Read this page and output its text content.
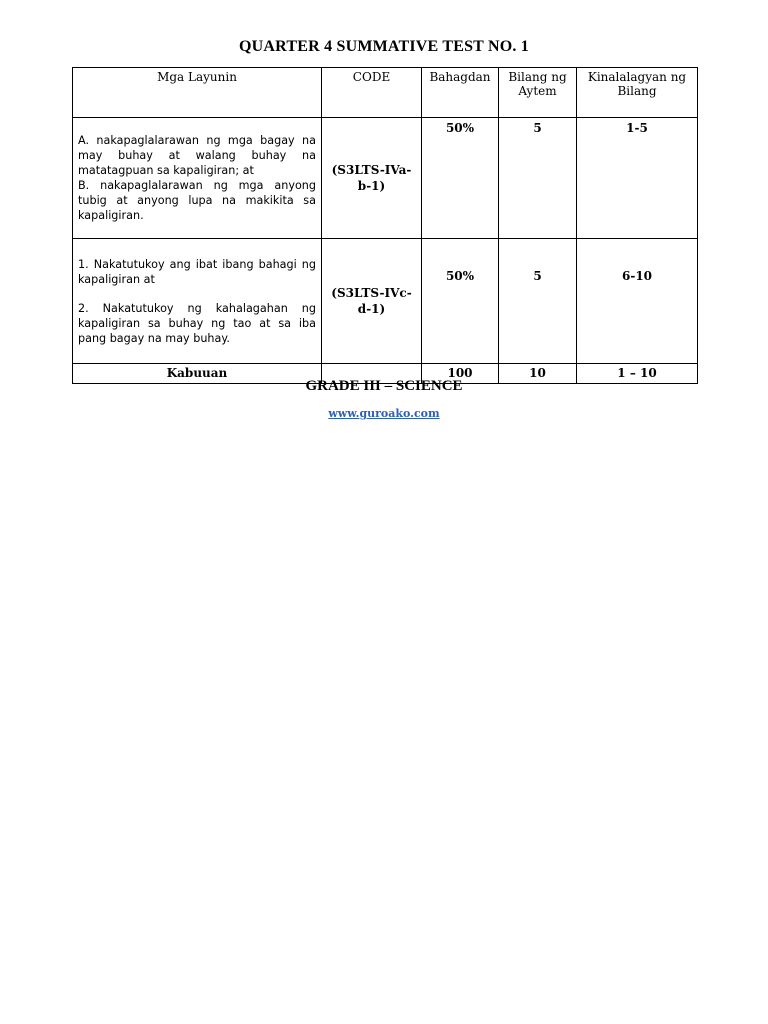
QUARTER 4 SUMMATIVE TEST NO. 1
Mga Layunin	CODE	Bahagdan	Bilang ng Aytem	Kinalalagyan ng Bilang

A. nakapaglalarawan ng mga bagay na may buhay at walang buhay na matatagpuan sa kapaligiran; at

B. nakapaglalarawan ng mga anyong tubig at anyong lupa na makikita sa kapaligiran.	(S3LTS-IVa-b-1)	50%	5	1-5

1. Nakatutukoy ang ibat ibang bahagi ng kapaligiran at

2. Nakatutukoy ng kahalagahan ng kapaligiran sa buhay ng tao at sa iba pang bagay na may buhay.	(S3LTS-IVc-d-1)	50%	5	6-10
Kabuuan		100	10	1 – 10
GRADE III – SCIENCE
www.guroako.com
